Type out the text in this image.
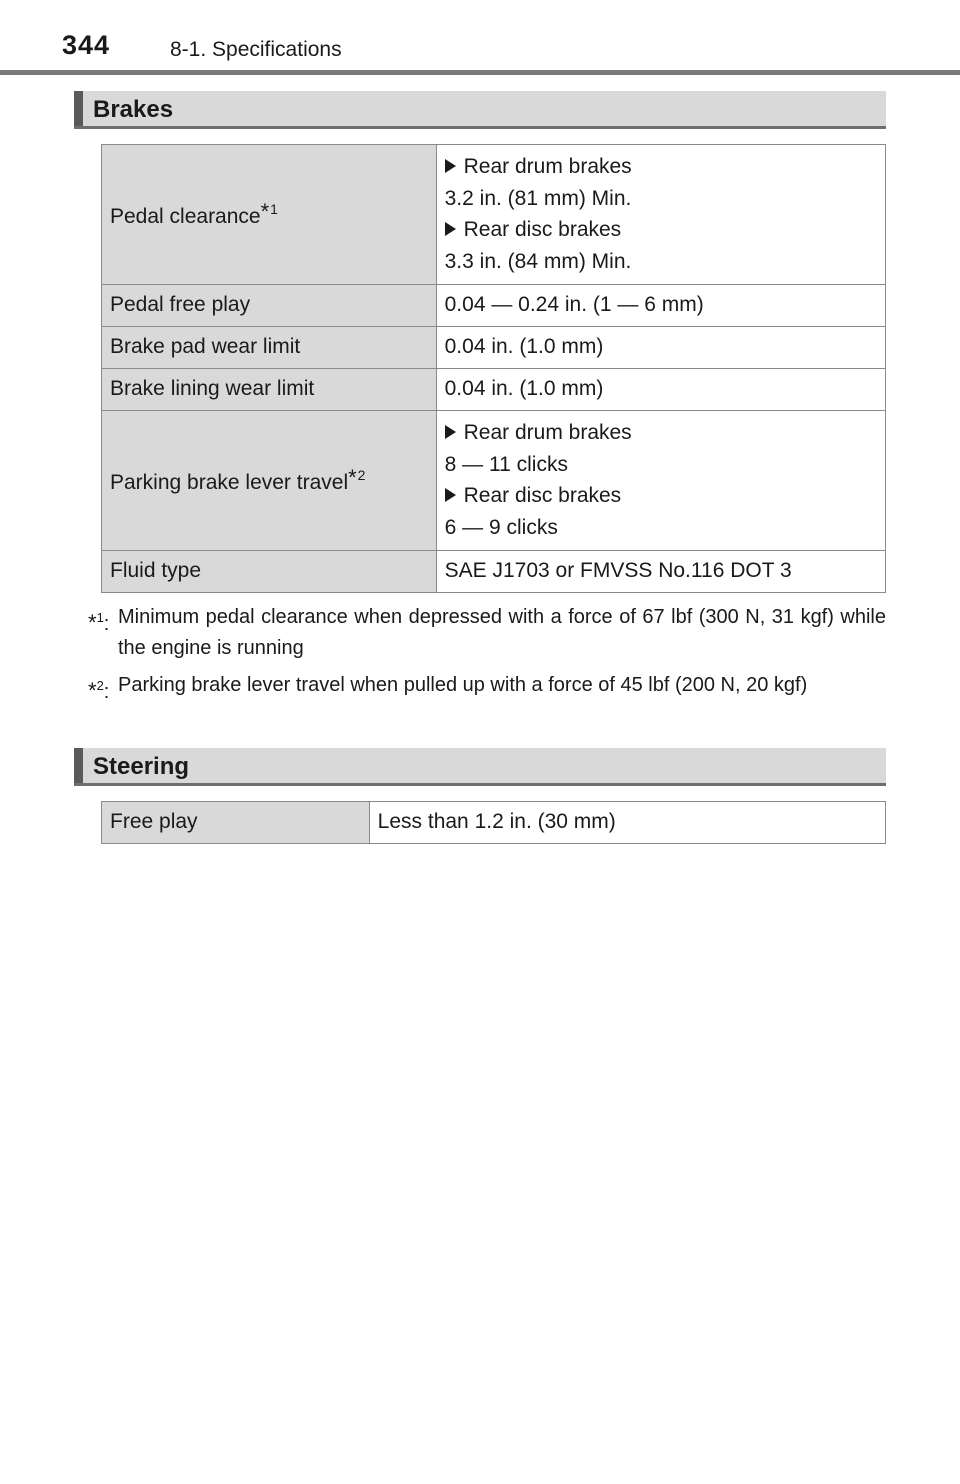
344	8-1. Specifications
Brakes
Pedal clearance*$^1$	Rear drum brakes
3.2 in. (81 mm) Min.
Rear disc brakes
3.3 in. (84 mm) Min.

Pedal free play	0.04 — 0.24 in. (1 — 6 mm)
Brake pad wear limit	0.04 in. (1.0 mm)
Brake lining wear limit	0.04 in. (1.0 mm)
Parking brake lever travel*$^2$	Rear drum brakes
8 — 11 clicks
Rear disc brakes
6 — 9 clicks

Fluid type	SAE J1703 or FMVSS No.116 DOT 3
*$^1$: Minimum pedal clearance when depressed with a force of 67 lbf (300 N, 31 kgf) while the engine is running
*$^2$: Parking brake lever travel when pulled up with a force of 45 lbf (200 N, 20 kgf)
Steering
Free play	Less than 1.2 in. (30 mm)
